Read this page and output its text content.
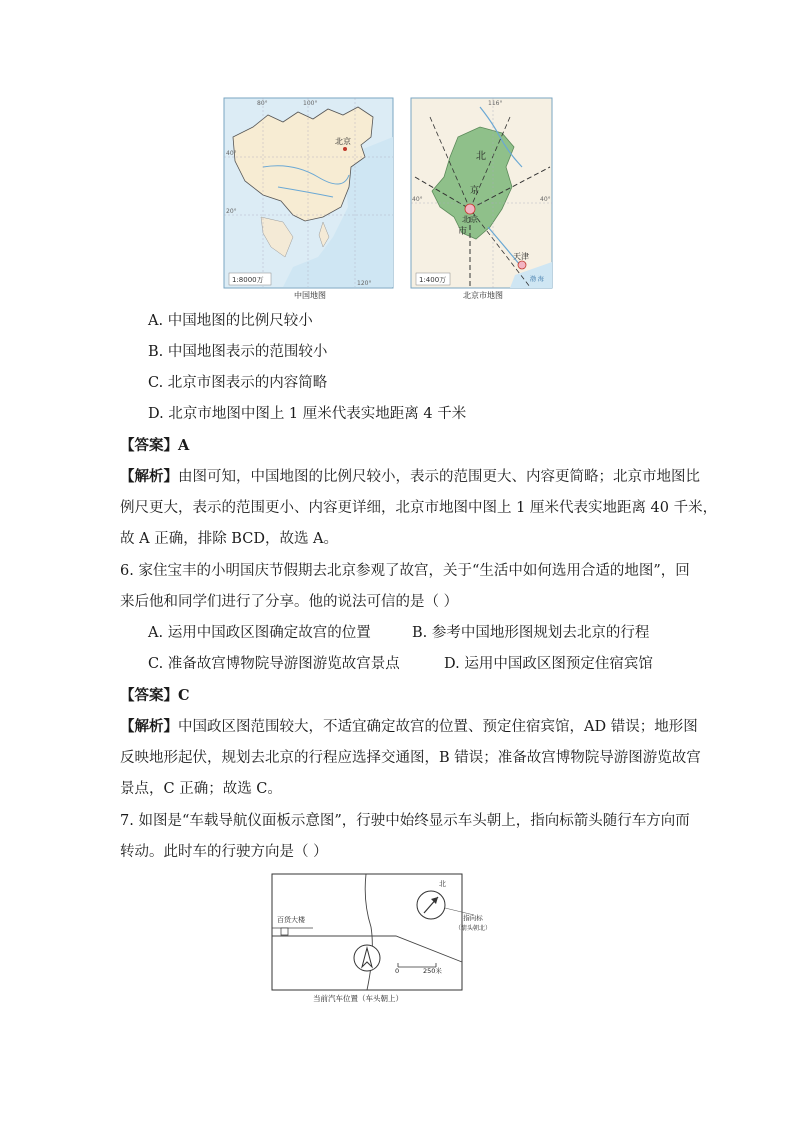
80°	100°
120°
40°
20°
北京
1:8000万
中国地图
40°	40°
116°
北
京
市
北京
天津
渤 海
1:400万
北京市地图
A. 中国地图的比例尺较小
B. 中国地图表示的范围较小
C. 北京市图表示的内容简略
D. 北京市地图中图上 1 厘米代表实地距离 4 千米
【答案】A
【解析】由图可知，中国地图的比例尺较小，表示的范围更大、内容更简略；北京市地图比
例尺更大，表示的范围更小、内容更详细，北京市地图中图上 1 厘米代表实地距离 40 千米，
故 A 正确，排除 BCD，故选 A。
6. 家住宝丰的小明国庆节假期去北京参观了故宫，关于“生活中如何选用合适的地图”，回
来后他和同学们进行了分享。他的说法可信的是（ ）
A. 运用中国政区图确定故宫的位置	B. 参考中国地形图规划去北京的行程
C. 准备故宫博物院导游图游览故宫景点	D. 运用中国政区图预定住宿宾馆
【答案】C
【解析】中国政区图范围较大，不适宜确定故宫的位置、预定住宿宾馆，AD 错误；地形图
反映地形起伏，规划去北京的行程应选择交通图，B 错误；准备故宫博物院导游图游览故宫
景点，C 正确；故选 C。
7. 如图是“车载导航仪面板示意图”，行驶中始终显示车头朝上，指向标箭头随行车方向而
转动。此时车的行驶方向是（ ）
百货大楼
北
指向标
（箭头朝北）
0	250米
当前汽车位置（车头朝上）
